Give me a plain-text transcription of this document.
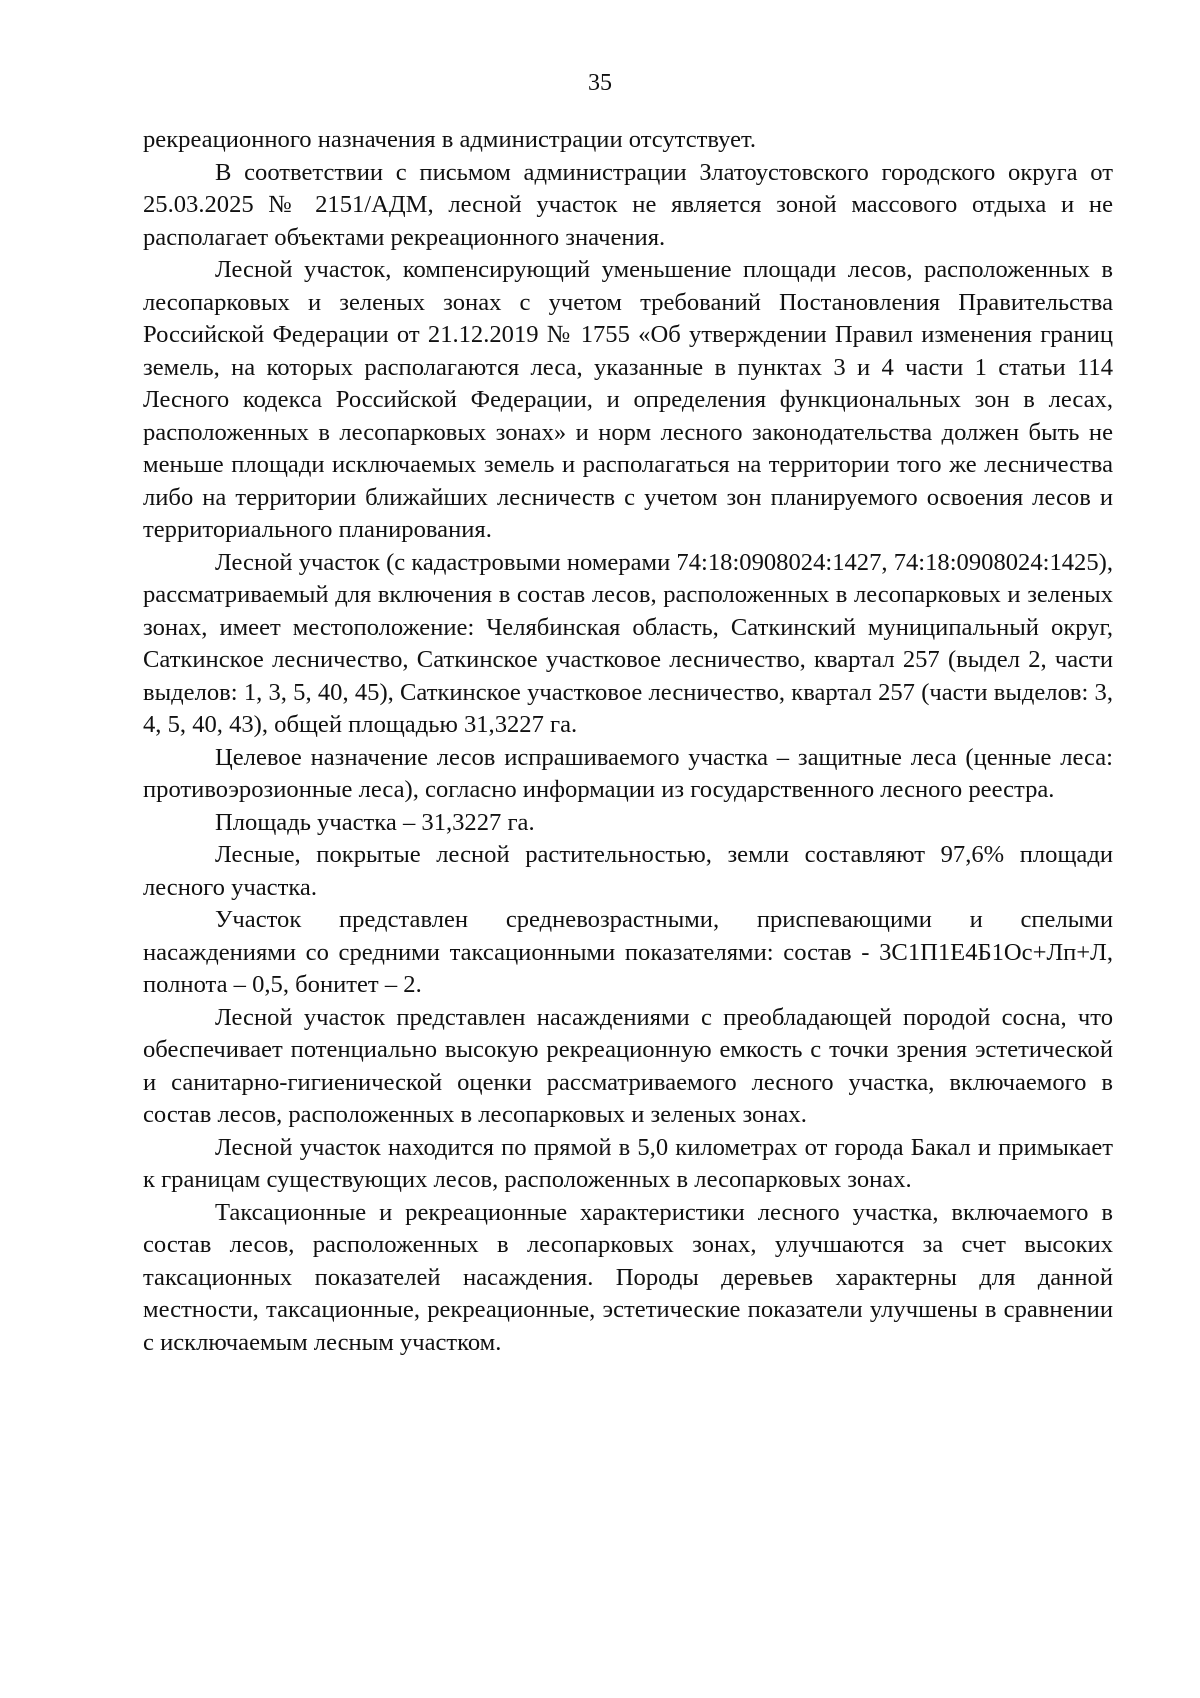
35

рекреационного назначения в администрации отсутствует.

В соответствии с письмом администрации Златоустовского городского округа от 25.03.2025 № 2151/АДМ, лесной участок не является зоной массового отдыха и не располагает объектами рекреационного значения.

Лесной участок, компенсирующий уменьшение площади лесов, расположенных в лесопарковых и зеленых зонах с учетом требований Постановления Правительства Российской Федерации от 21.12.2019 № 1755 «Об утверждении Правил изменения границ земель, на которых располагаются леса, указанные в пунктах 3 и 4 части 1 статьи 114 Лесного кодекса Российской Федерации, и определения функциональных зон в лесах, расположенных в лесопарковых зонах» и норм лесного законодательства должен быть не меньше площади исключаемых земель и располагаться на территории того же лесничества либо на территории ближайших лесничеств с учетом зон планируемого освоения лесов и территориального планирования.

Лесной участок (с кадастровыми номерами 74:18:0908024:1427, 74:18:0908024:1425), рассматриваемый для включения в состав лесов, расположенных в лесопарковых и зеленых зонах, имеет местоположение: Челябинская область, Саткинский муниципальный округ, Саткинское лесничество, Саткинское участковое лесничество, квартал 257 (выдел 2, части выделов: 1, 3, 5, 40, 45), Саткинское участковое лесничество, квартал 257 (части выделов: 3, 4, 5, 40, 43), общей площадью 31,3227 га.

Целевое назначение лесов испрашиваемого участка – защитные леса (ценные леса: противоэрозионные леса), согласно информации из государственного лесного реестра.

Площадь участка – 31,3227 га.

Лесные, покрытые лесной растительностью, земли составляют 97,6% площади лесного участка.

Участок представлен средневозрастными, приспевающими и спелыми насаждениями со средними таксационными показателями: состав - 3С1П1Е4Б1Ос+Лп+Л, полнота – 0,5, бонитет – 2.

Лесной участок представлен насаждениями с преобладающей породой сосна, что обеспечивает потенциально высокую рекреационную емкость с точки зрения эстетической и санитарно-гигиенической оценки рассматриваемого лесного участка, включаемого в состав лесов, расположенных в лесопарковых и зеленых зонах.

Лесной участок находится по прямой в 5,0 километрах от города Бакал и примыкает к границам существующих лесов, расположенных в лесопарковых зонах.

Таксационные и рекреационные характеристики лесного участка, включаемого в состав лесов, расположенных в лесопарковых зонах, улучшаются за счет высоких таксационных показателей насаждения. Породы деревьев характерны для данной местности, таксационные, рекреационные, эстетические показатели улучшены в сравнении с исключаемым лесным участком.
